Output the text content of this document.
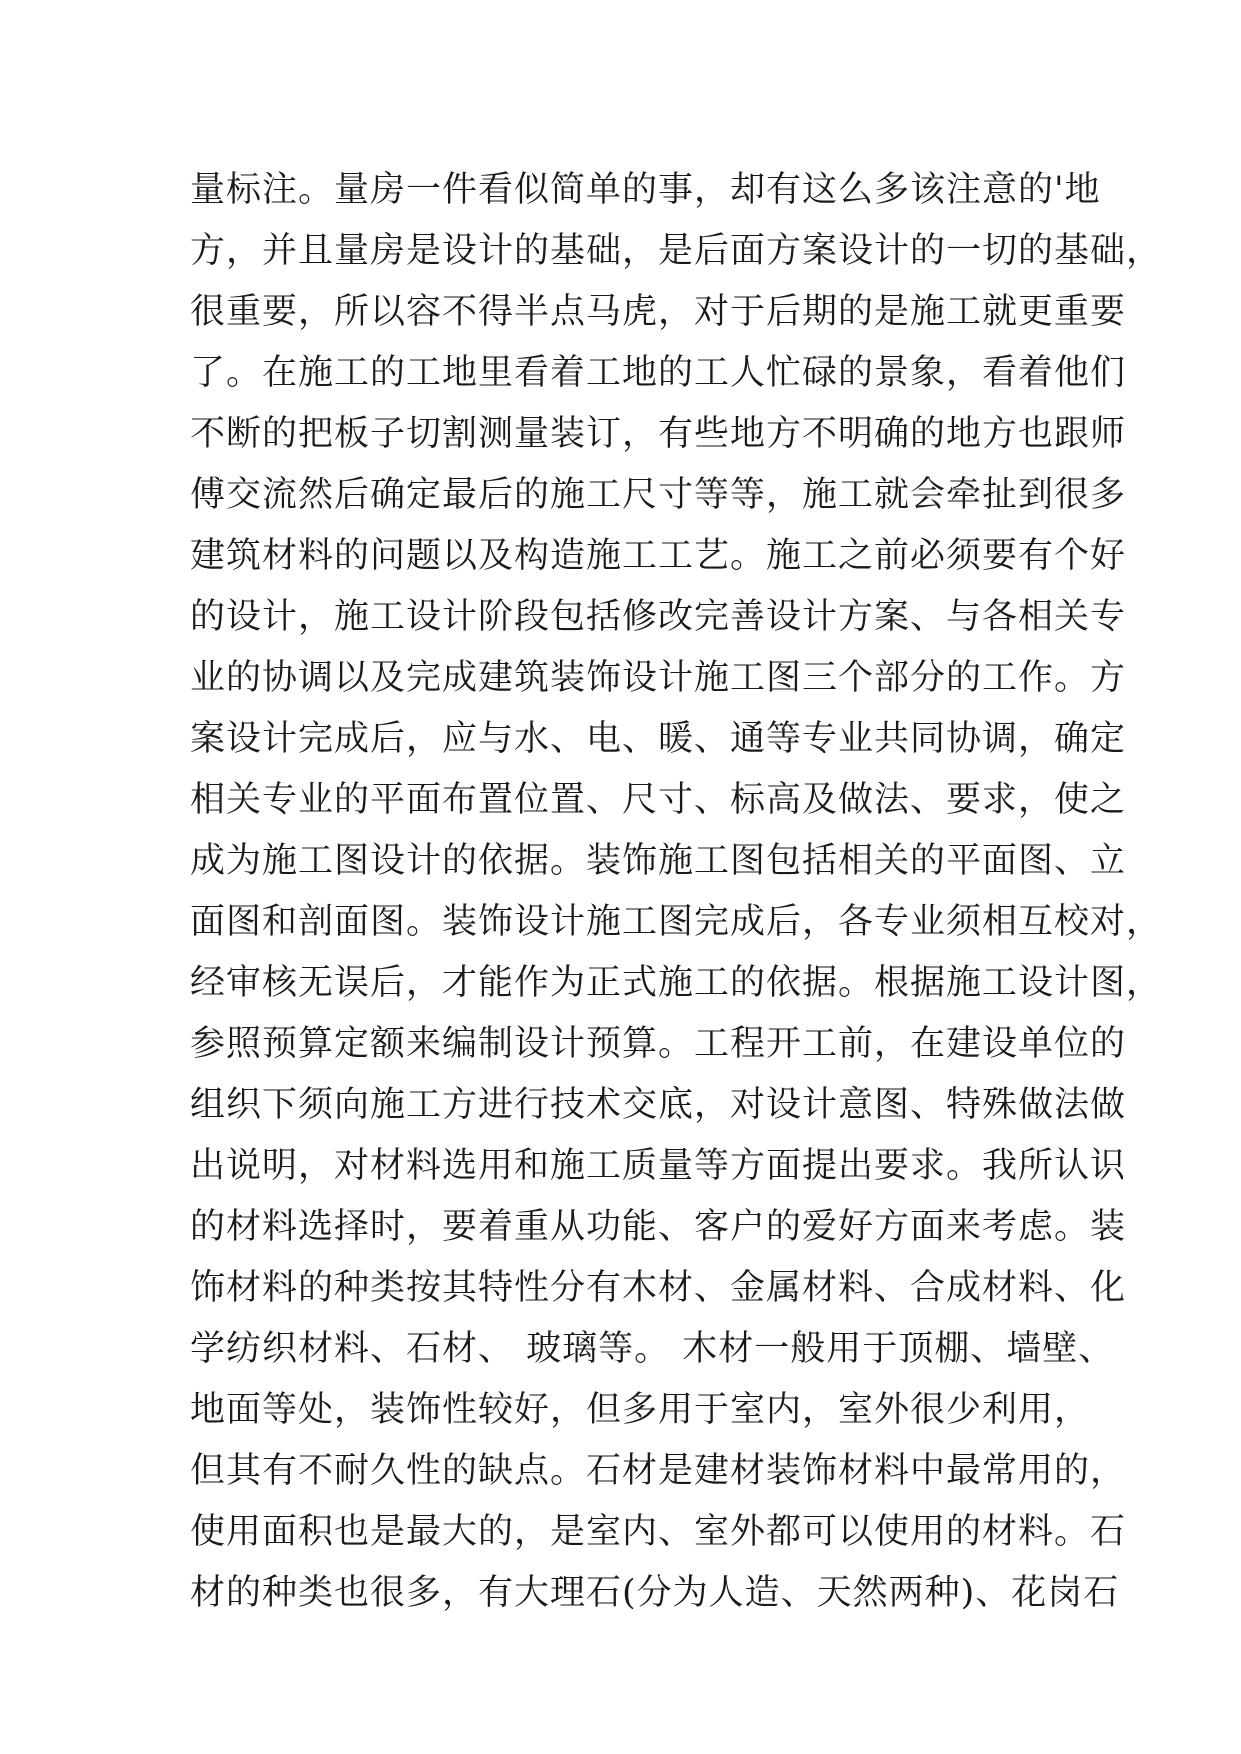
量标注。量房一件看似简单的事，却有这么多该注意的'地
方，并且量房是设计的基础，是后面方案设计的一切的基础，
很重要，所以容不得半点马虎，对于后期的是施工就更重要
了。在施工的工地里看着工地的工人忙碌的景象，看着他们
不断的把板子切割测量装订，有些地方不明确的地方也跟师
傅交流然后确定最后的施工尺寸等等，施工就会牵扯到很多
建筑材料的问题以及构造施工工艺。施工之前必须要有个好
的设计，施工设计阶段包括修改完善设计方案、与各相关专
业的协调以及完成建筑装饰设计施工图三个部分的工作。方
案设计完成后，应与水、电、暖、通等专业共同协调，确定
相关专业的平面布置位置、尺寸、标高及做法、要求，使之
成为施工图设计的依据。装饰施工图包括相关的平面图、立
面图和剖面图。装饰设计施工图完成后，各专业须相互校对，
经审核无误后，才能作为正式施工的依据。根据施工设计图，
参照预算定额来编制设计预算。工程开工前，在建设单位的
组织下须向施工方进行技术交底，对设计意图、特殊做法做
出说明，对材料选用和施工质量等方面提出要求。我所认识
的材料选择时，要着重从功能、客户的爱好方面来考虑。装
饰材料的种类按其特性分有木材、金属材料、合成材料、化
学纺织材料、石材、 玻璃等。 木材一般用于顶棚、墙壁、
地面等处，装饰性较好，但多用于室内，室外很少利用，
但其有不耐久性的缺点。石材是建材装饰材料中最常用的，
使用面积也是最大的，是室内、室外都可以使用的材料。石
材的种类也很多，有大理石(分为人造、天然两种)、花岗石
